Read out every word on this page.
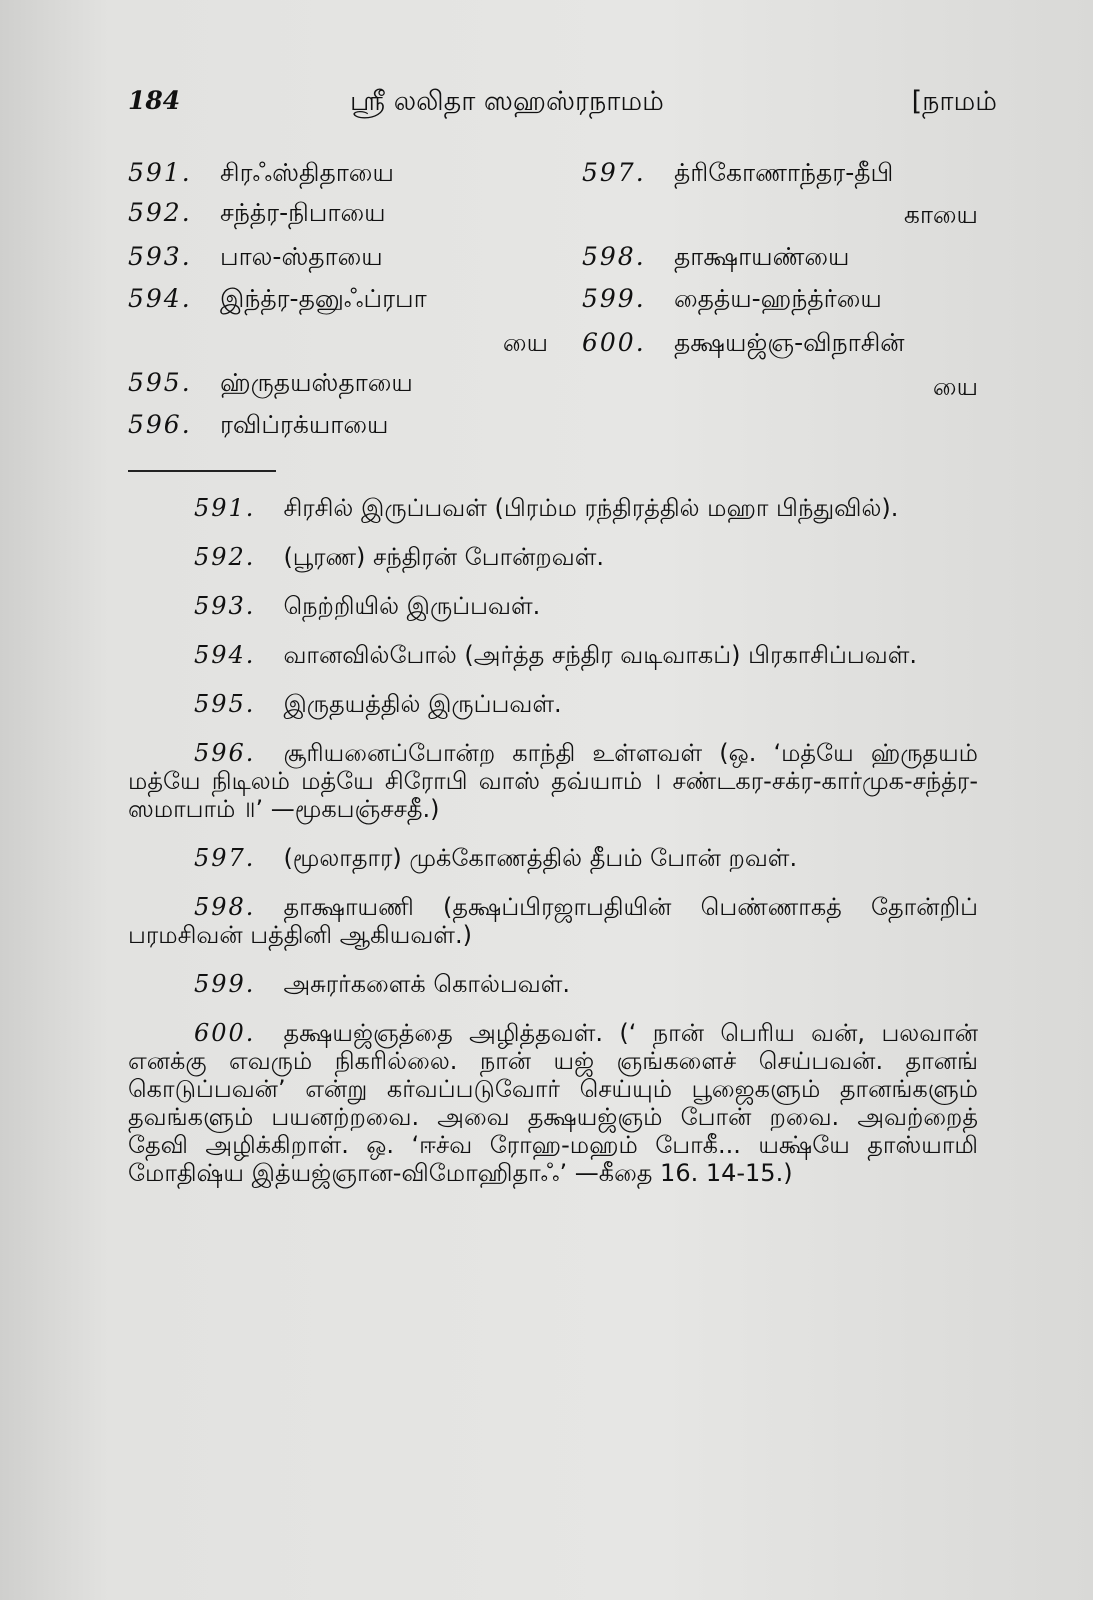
184	ஸ்ரீ லலிதா ஸஹஸ்ரநாமம்	[நாமம்
591. சிரஃஸ்திதாயை
592. சந்த்ர-நிபாயை
593. பால-ஸ்தாயை
594. இந்த்ர-தனுஃப்ரபா
யை
595. ஹ்ருதயஸ்தாயை
596. ரவிப்ரக்யாயை
597. த்ரிகோணாந்தர-தீபி
காயை
598. தாக்ஷாயண்யை
599. தைத்ய-ஹந்த்ர்யை
600. தக்ஷயஜ்ஞ-விநாசின்
யை

591. சிரசில் இருப்பவள் (பிரம்ம ரந்திரத்தில் மஹா பிந்துவில்).

592. (பூரண) சந்திரன் போன்றவள்.

593. நெற்றியில் இருப்பவள்.

594. வானவில்போல் (அர்த்த சந்திர வடிவாகப்) பிரகாசிப்பவள்.

595. இருதயத்தில் இருப்பவள்.

596. சூரியனைப்போன்ற காந்தி உள்ளவள் (ஒ. ‘மத்யே ஹ்ருதயம் மத்யே நிடிலம் மத்யே சிரோபி வாஸ் தவ்யாம் । சண்டகர-சக்ர-கார்முக-சந்த்ர-ஸமாபாம் ॥’ —மூகபஞ்சசதீ.)

597. (மூலாதார) முக்கோணத்தில் தீபம் போன் றவள்.

598. தாக்ஷாயணி (தக்ஷப்பிரஜாபதியின் பெண்ணாகத் தோன்றிப் பரமசிவன் பத்தினி ஆகியவள்.)

599. அசுரர்களைக் கொல்பவள்.

600. தக்ஷயஜ்ஞத்தை அழித்தவள். (‘ நான் பெரிய வன், பலவான் எனக்கு எவரும் நிகரில்லை. நான் யஜ் ஞங்களைச் செய்பவன். தானங் கொடுப்பவன்’ என்று கர்வப்படுவோர் செய்யும் பூஜைகளும் தானங்களும் தவங்களும் பயனற்றவை. அவை தக்ஷயஜ்ஞம் போன் றவை. அவற்றைத் தேவி அழிக்கிறாள். ஒ. ‘ஈச்வ ரோஹ-மஹம் போகீ... யக்ஷ்யே தாஸ்யாமி மோதிஷ்ய இத்யஜ்ஞான-விமோஹிதாஃ’ —கீதை 16. 14-15.)
